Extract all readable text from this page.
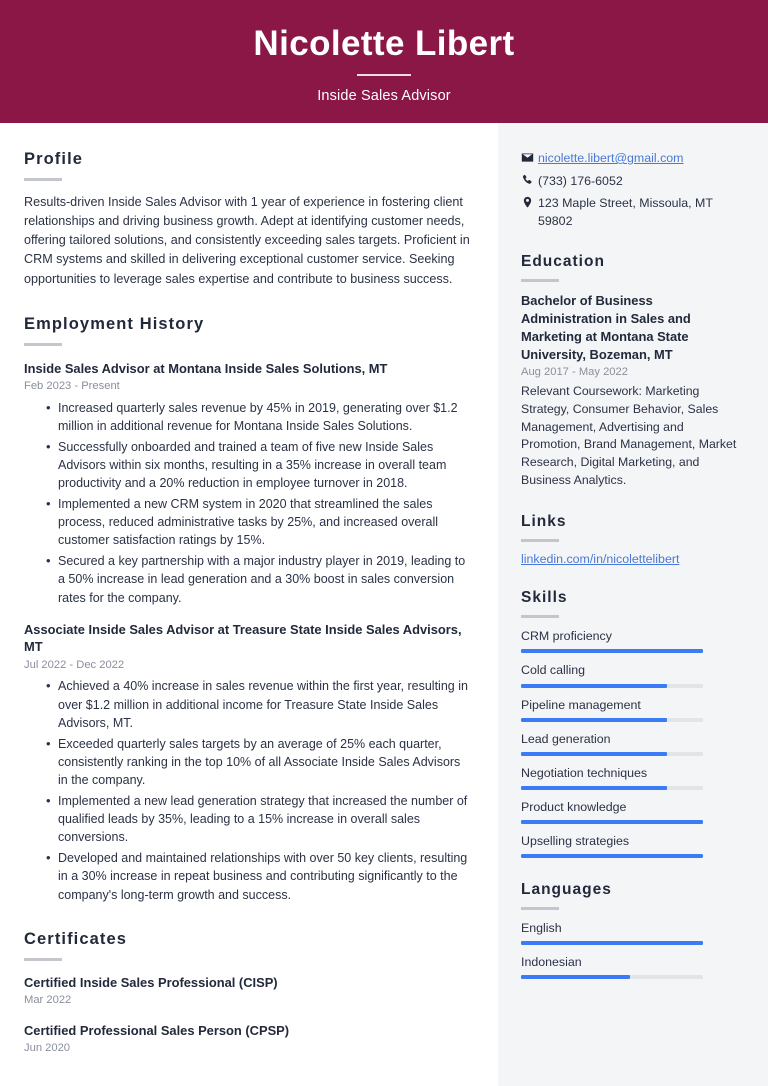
Nicolette Libert
Inside Sales Advisor
Profile
Results-driven Inside Sales Advisor with 1 year of experience in fostering client relationships and driving business growth. Adept at identifying customer needs, offering tailored solutions, and consistently exceeding sales targets. Proficient in CRM systems and skilled in delivering exceptional customer service. Seeking opportunities to leverage sales expertise and contribute to business success.
Employment History
Inside Sales Advisor at Montana Inside Sales Solutions, MT
Feb 2023 - Present
• Increased quarterly sales revenue by 45% in 2019, generating over $1.2 million in additional revenue for Montana Inside Sales Solutions.
• Successfully onboarded and trained a team of five new Inside Sales Advisors within six months, resulting in a 35% increase in overall team productivity and a 20% reduction in employee turnover in 2018.
• Implemented a new CRM system in 2020 that streamlined the sales process, reduced administrative tasks by 25%, and increased overall customer satisfaction ratings by 15%.
• Secured a key partnership with a major industry player in 2019, leading to a 50% increase in lead generation and a 30% boost in sales conversion rates for the company.
Associate Inside Sales Advisor at Treasure State Inside Sales Advisors, MT
Jul 2022 - Dec 2022
• Achieved a 40% increase in sales revenue within the first year, resulting in over $1.2 million in additional income for Treasure State Inside Sales Advisors, MT.
• Exceeded quarterly sales targets by an average of 25% each quarter, consistently ranking in the top 10% of all Associate Inside Sales Advisors in the company.
• Implemented a new lead generation strategy that increased the number of qualified leads by 35%, leading to a 15% increase in overall sales conversions.
• Developed and maintained relationships with over 50 key clients, resulting in a 30% increase in repeat business and contributing significantly to the company's long-term growth and success.
Certificates
Certified Inside Sales Professional (CISP)
Mar 2022
Certified Professional Sales Person (CPSP)
Jun 2020
nicolette.libert@gmail.com
(733) 176-6052
123 Maple Street, Missoula, MT 59802
Education
Bachelor of Business Administration in Sales and Marketing at Montana State University, Bozeman, MT
Aug 2017 - May 2022
Relevant Coursework: Marketing Strategy, Consumer Behavior, Sales Management, Advertising and Promotion, Brand Management, Market Research, Digital Marketing, and Business Analytics.
Links
linkedin.com/in/nicolettelibert
Skills
CRM proficiency
Cold calling
Pipeline management
Lead generation
Negotiation techniques
Product knowledge
Upselling strategies
Languages
English
Indonesian
